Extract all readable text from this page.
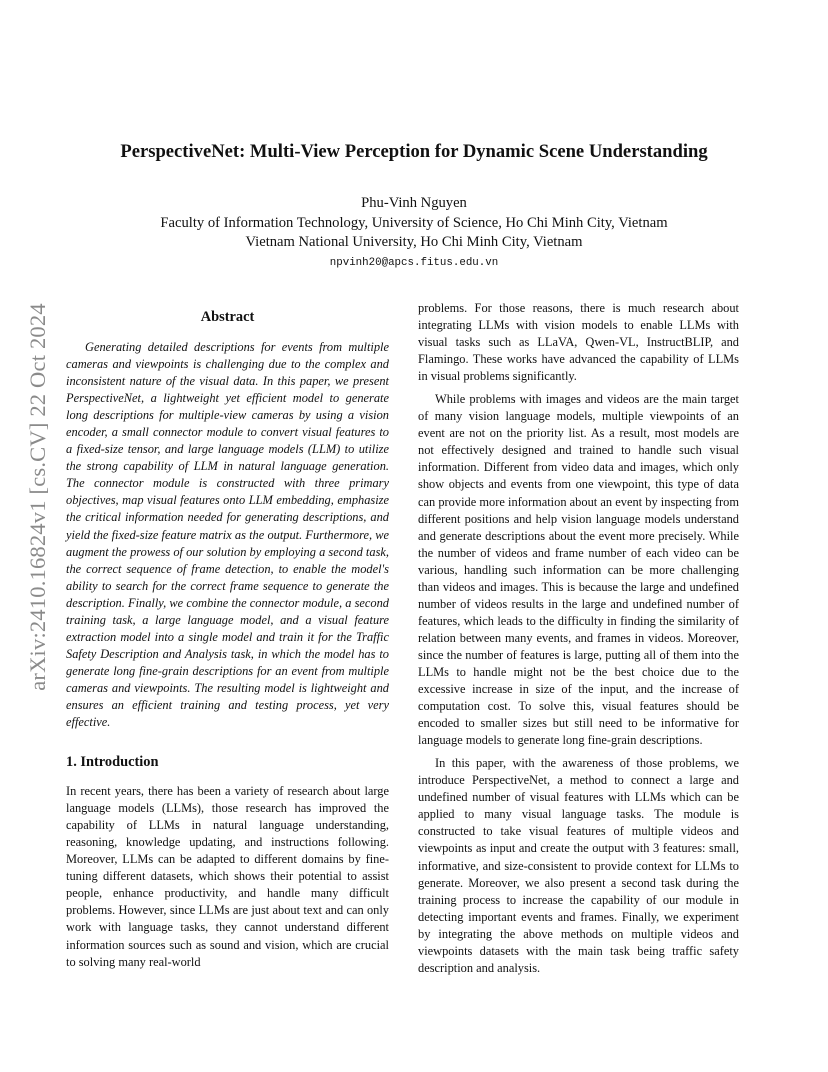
arXiv:2410.16824v1 [cs.CV] 22 Oct 2024
PerspectiveNet: Multi-View Perception for Dynamic Scene Understanding
Phu-Vinh Nguyen
Faculty of Information Technology, University of Science, Ho Chi Minh City, Vietnam
Vietnam National University, Ho Chi Minh City, Vietnam
npvinh20@apcs.fitus.edu.vn
Abstract

Generating detailed descriptions for events from multiple cameras and viewpoints is challenging due to the complex and inconsistent nature of the visual data. In this paper, we present PerspectiveNet, a lightweight yet efficient model to generate long descriptions for multiple-view cameras by using a vision encoder, a small connector module to convert visual features to a fixed-size tensor, and large language models (LLM) to utilize the strong capability of LLM in natural language generation. The connector module is constructed with three primary objectives, map visual features onto LLM embedding, emphasize the critical information needed for generating descriptions, and yield the fixed-size feature matrix as the output. Furthermore, we augment the prowess of our solution by employing a second task, the correct sequence of frame detection, to enable the model's ability to search for the correct frame sequence to generate the description. Finally, we combine the connector module, a second training task, a large language model, and a visual feature extraction model into a single model and train it for the Traffic Safety Description and Analysis task, in which the model has to generate long fine-grain descriptions for an event from multiple cameras and viewpoints. The resulting model is lightweight and ensures an efficient training and testing process, yet very effective.

1. Introduction

In recent years, there has been a variety of research about large language models (LLMs), those research has improved the capability of LLMs in natural language understanding, reasoning, knowledge updating, and instructions following. Moreover, LLMs can be adapted to different domains by fine-tuning different datasets, which shows their potential to assist people, enhance productivity, and handle many difficult problems. However, since LLMs are just about text and can only work with language tasks, they cannot understand different information sources such as sound and vision, which are crucial to solving many real-world

problems. For those reasons, there is much research about integrating LLMs with vision models to enable LLMs with visual tasks such as LLaVA, Qwen-VL, InstructBLIP, and Flamingo. These works have advanced the capability of LLMs in visual problems significantly.

While problems with images and videos are the main target of many vision language models, multiple viewpoints of an event are not on the priority list. As a result, most models are not effectively designed and trained to handle such visual information. Different from video data and images, which only show objects and events from one viewpoint, this type of data can provide more information about an event by inspecting from different positions and help vision language models understand and generate descriptions about the event more precisely. While the number of videos and frame number of each video can be various, handling such information can be more challenging than videos and images. This is because the large and undefined number of videos results in the large and undefined number of features, which leads to the difficulty in finding the similarity of relation between many events, and frames in videos. Moreover, since the number of features is large, putting all of them into the LLMs to handle might not be the best choice due to the excessive increase in size of the input, and the increase of computation cost. To solve this, visual features should be encoded to smaller sizes but still need to be informative for language models to generate long fine-grain descriptions.

In this paper, with the awareness of those problems, we introduce PerspectiveNet, a method to connect a large and undefined number of visual features with LLMs which can be applied to many visual language tasks. The module is constructed to take visual features of multiple videos and viewpoints as input and create the output with 3 features: small, informative, and size-consistent to provide context for LLMs to generate. Moreover, we also present a second task during the training process to increase the capability of our module in detecting important events and frames. Finally, we experiment by integrating the above methods on multiple videos and viewpoints datasets with the main task being traffic safety description and analysis.
